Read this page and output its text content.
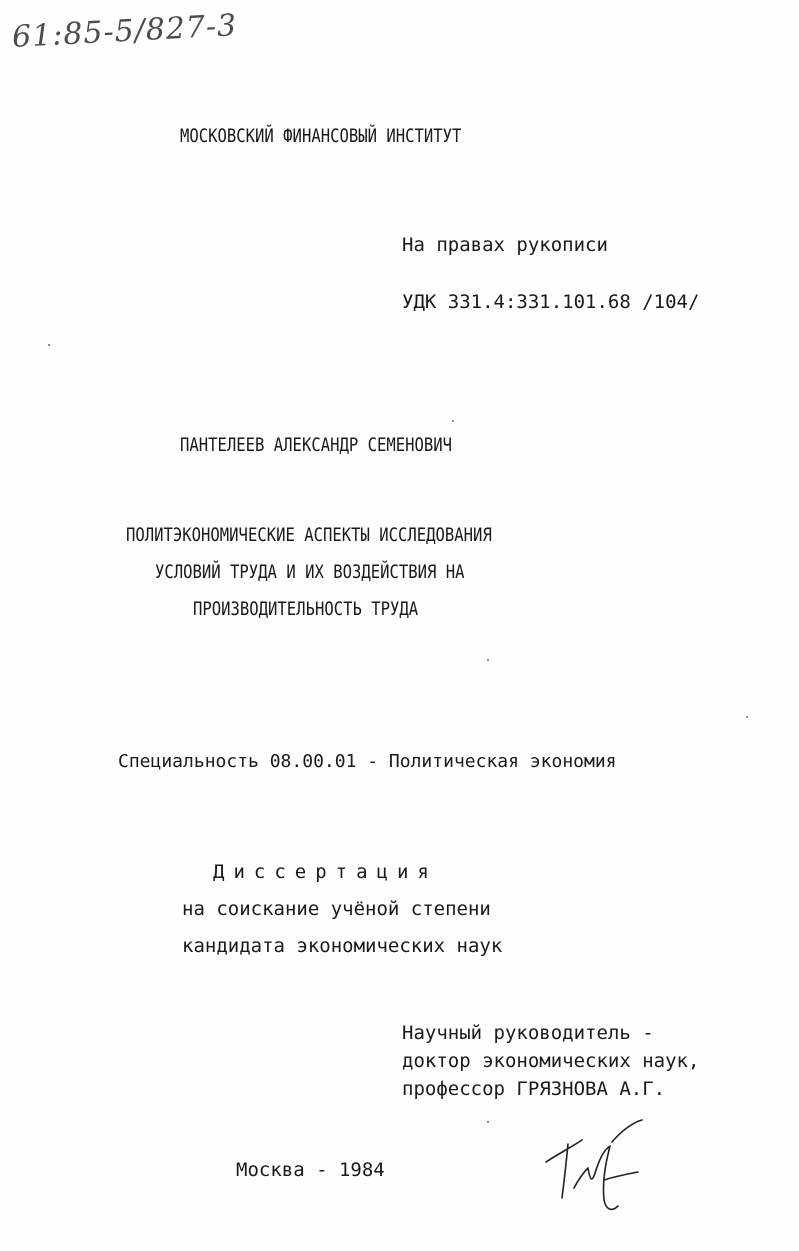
61:85-5/827-3

МОСКОВСКИЙ ФИНАНСОВЫЙ ИНСТИТУТ

На правах рукописи

УДК 331.4:331.101.68 /104/

ПАНТЕЛЕЕВ АЛЕКСАНДР СЕМЕНОВИЧ

ПОЛИТЭКОНОМИЧЕСКИЕ АСПЕКТЫ ИССЛЕДОВАНИЯ

УСЛОВИЙ ТРУДА И ИХ ВОЗДЕЙСТВИЯ НА

ПРОИЗВОДИТЕЛЬНОСТЬ ТРУДА

Специальность 08.00.01 - Политическая экономия

Диссертация

на соискание учёной степени

кандидата экономических наук

Научный руководитель -

доктор экономических наук,

профессор ГРЯЗНОВА А.Г.

Москва - 1984
